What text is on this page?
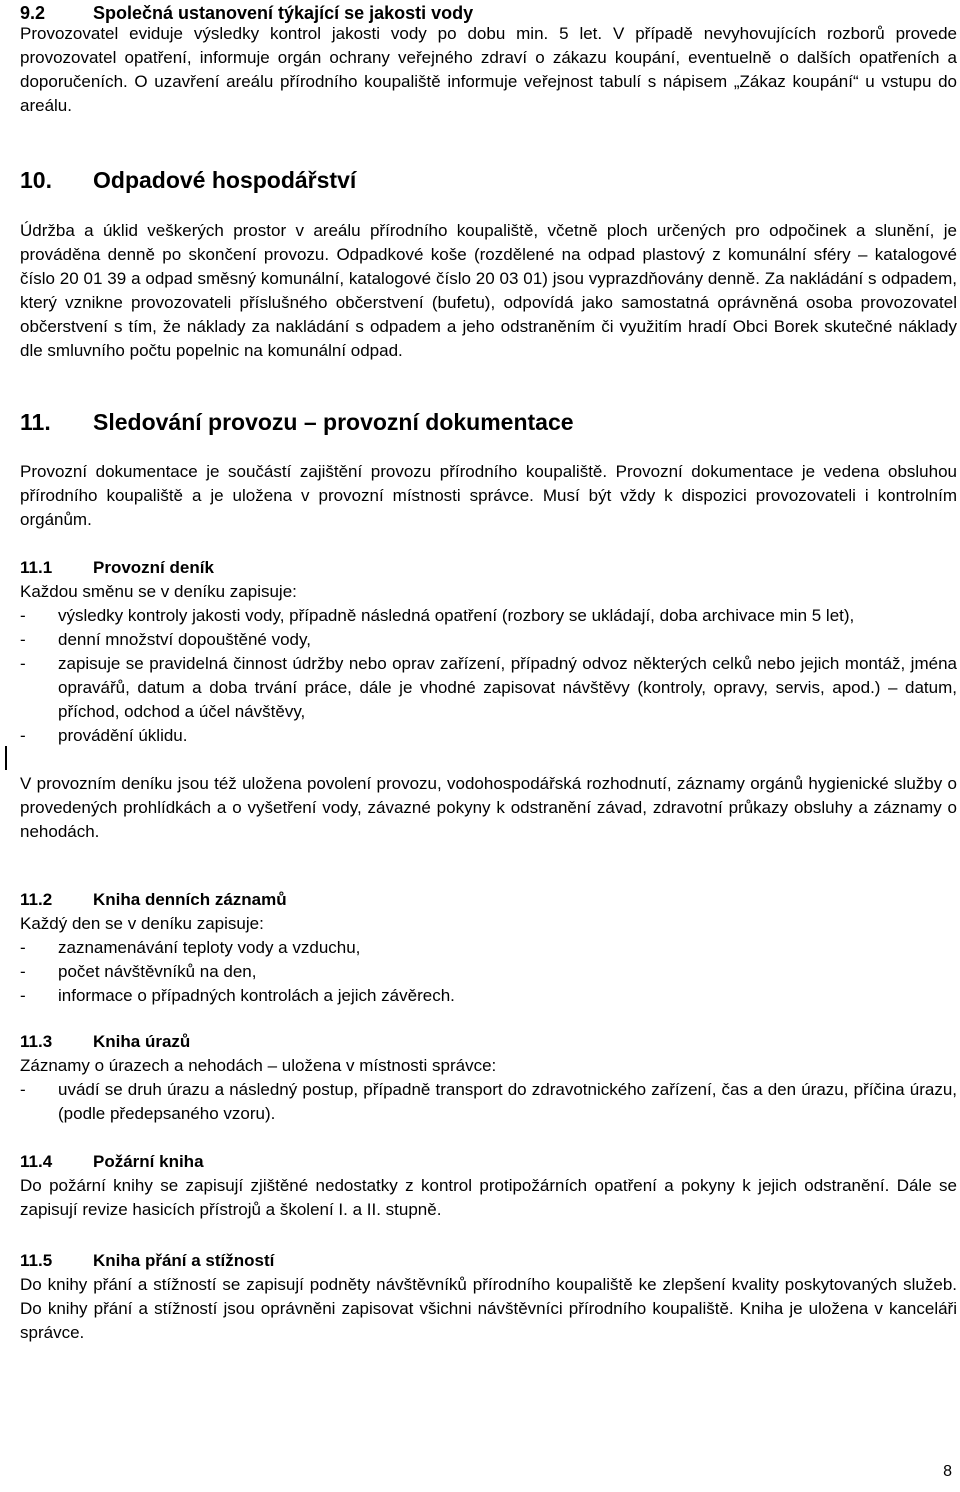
9.2	Společná ustanovení týkající se jakosti vody

Provozovatel eviduje výsledky kontrol jakosti vody po dobu min. 5 let. V případě nevyhovujících rozborů provede provozovatel opatření, informuje orgán ochrany veřejného zdraví o zákazu koupání, eventuelně o dalších opatřeních a doporučeních. O uzavření areálu přírodního koupaliště informuje veřejnost tabulí s nápisem „Zákaz koupání“ u vstupu do areálu.

10. Odpadové hospodářství

Údržba a úklid veškerých prostor v areálu přírodního koupaliště, včetně ploch určených pro odpočinek a slunění, je prováděna denně po skončení provozu. Odpadkové koše (rozdělené na odpad plastový z komunální sféry – katalogové číslo 20 01 39 a odpad směsný komunální, katalogové číslo 20 03 01) jsou vyprazdňovány denně. Za nakládání s odpadem, který vznikne provozovateli příslušného občerstvení (bufetu), odpovídá jako samostatná oprávněná osoba provozovatel občerstvení s tím, že náklady za nakládání s odpadem a jeho odstraněním či využitím hradí Obci Borek skutečné náklady dle smluvního počtu popelnic na komunální odpad.

11. Sledování provozu – provozní dokumentace

Provozní dokumentace je součástí zajištění provozu přírodního koupaliště. Provozní dokumentace je vedena obsluhou přírodního koupaliště a je uložena v provozní místnosti správce. Musí být vždy k dispozici provozovateli i kontrolním orgánům.

11.1 Provozní deník

Každou směnu se v deníku zapisuje:

- výsledky kontroly jakosti vody, případně následná opatření (rozbory se ukládají, doba archivace min 5 let),
- denní množství dopouštěné vody,
- zapisuje se pravidelná činnost údržby nebo oprav zařízení, případný odvoz některých celků nebo jejich montáž, jména opravářů, datum a doba trvání práce, dále je vhodné zapisovat návštěvy (kontroly, opravy, servis, apod.) – datum, příchod, odchod a účel návštěvy,
- provádění úklidu.

V provozním deníku jsou též uložena povolení provozu, vodohospodářská rozhodnutí, záznamy orgánů hygienické služby o provedených prohlídkách a o vyšetření vody, závazné pokyny k odstranění závad, zdravotní průkazy obsluhy a záznamy o nehodách.

11.2 Kniha denních záznamů

Každý den se v deníku zapisuje:

- zaznamenávání teploty vody a vzduchu,
- počet návštěvníků na den,
- informace o případných kontrolách a jejich závěrech.
11.3 Kniha úrazů

Záznamy o úrazech a nehodách – uložena v místnosti správce:

- uvádí se druh úrazu a následný postup, případně transport do zdravotnického zařízení, čas a den úrazu, příčina úrazu, (podle předepsaného vzoru).
11.4 Požární kniha

Do požární knihy se zapisují zjištěné nedostatky z kontrol protipožárních opatření a pokyny k jejich odstranění. Dále se zapisují revize hasicích přístrojů a školení I. a II. stupně.

11.5 Kniha přání a stížností

Do knihy přání a stížností se zapisují podněty návštěvníků přírodního koupaliště ke zlepšení kvality poskytovaných služeb. Do knihy přání a stížností jsou oprávněni zapisovat všichni návštěvníci přírodního koupaliště. Kniha je uložena v kanceláři správce.

8
